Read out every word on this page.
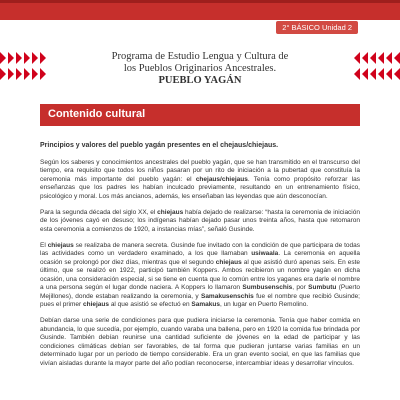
2° BÁSICO Unidad 2
Programa de Estudio Lengua y Cultura de
los Pueblos Originarios Ancestrales.
PUEBLO YAGÁN
Contenido cultural

Principios y valores del pueblo yagán presentes en el chejaus/chiejaus.

Según los saberes y conocimientos ancestrales del pueblo yagán, que se han transmitido en el transcurso del tiempo, era requisito que todos los niños pasaran por un rito de iniciación a la pubertad que constituía la ceremonia más importante del pueblo yagán: el chejaus/chiejaus. Tenía como propósito reforzar las enseñanzas que los padres les habían inculcado previamente, resultando en un entrenamiento físico, psicológico y moral. Los más ancianos, además, les enseñaban las leyendas que aún desconocían.

Para la segunda década del siglo XX, el chiejaus había dejado de realizarse: “hasta la ceremonia de iniciación de los jóvenes cayó en desuso; los indígenas habían dejado pasar unos treinta años, hasta que retomaron esta ceremonia a comienzos de 1920, a instancias mías”, señaló Gusinde.

El chiejaus se realizaba de manera secreta. Gusinde fue invitado con la condición de que participara de todas las actividades como un verdadero examinado, a los que llamaban usiwaala. La ceremonia en aquella ocasión se prolongó por diez días, mientras que el segundo chiejaus al que asistió duró apenas seis. En este último, que se realizó en 1922, participó también Koppers. Ambos recibieron un nombre yagán en dicha ocasión, una consideración especial, si se tiene en cuenta que lo común entre los yaganes era darle el nombre a una persona según el lugar donde naciera. A Koppers lo llamaron Sumbusenschis, por Sumbutu (Puerto Mejillones), donde estaban realizando la ceremonia, y Samakusenschis fue el nombre que recibió Gusinde; pues el primer chiejaus al que asistió se efectuó en Samakus, un lugar en Puerto Remolino.

Debían darse una serie de condiciones para que pudiera iniciarse la ceremonia. Tenía que haber comida en abundancia, lo que sucedía, por ejemplo, cuando varaba una ballena, pero en 1920 la comida fue brindada por Gusinde. También debían reunirse una cantidad suficiente de jóvenes en la edad de participar y las condiciones climáticas debían ser favorables, de tal forma que pudieran juntarse varias familias en un determinado lugar por un período de tiempo considerable. Era un gran evento social, en que las familias que vivían aisladas durante la mayor parte del año podían reconocerse, intercambiar ideas y desarrollar vínculos.
